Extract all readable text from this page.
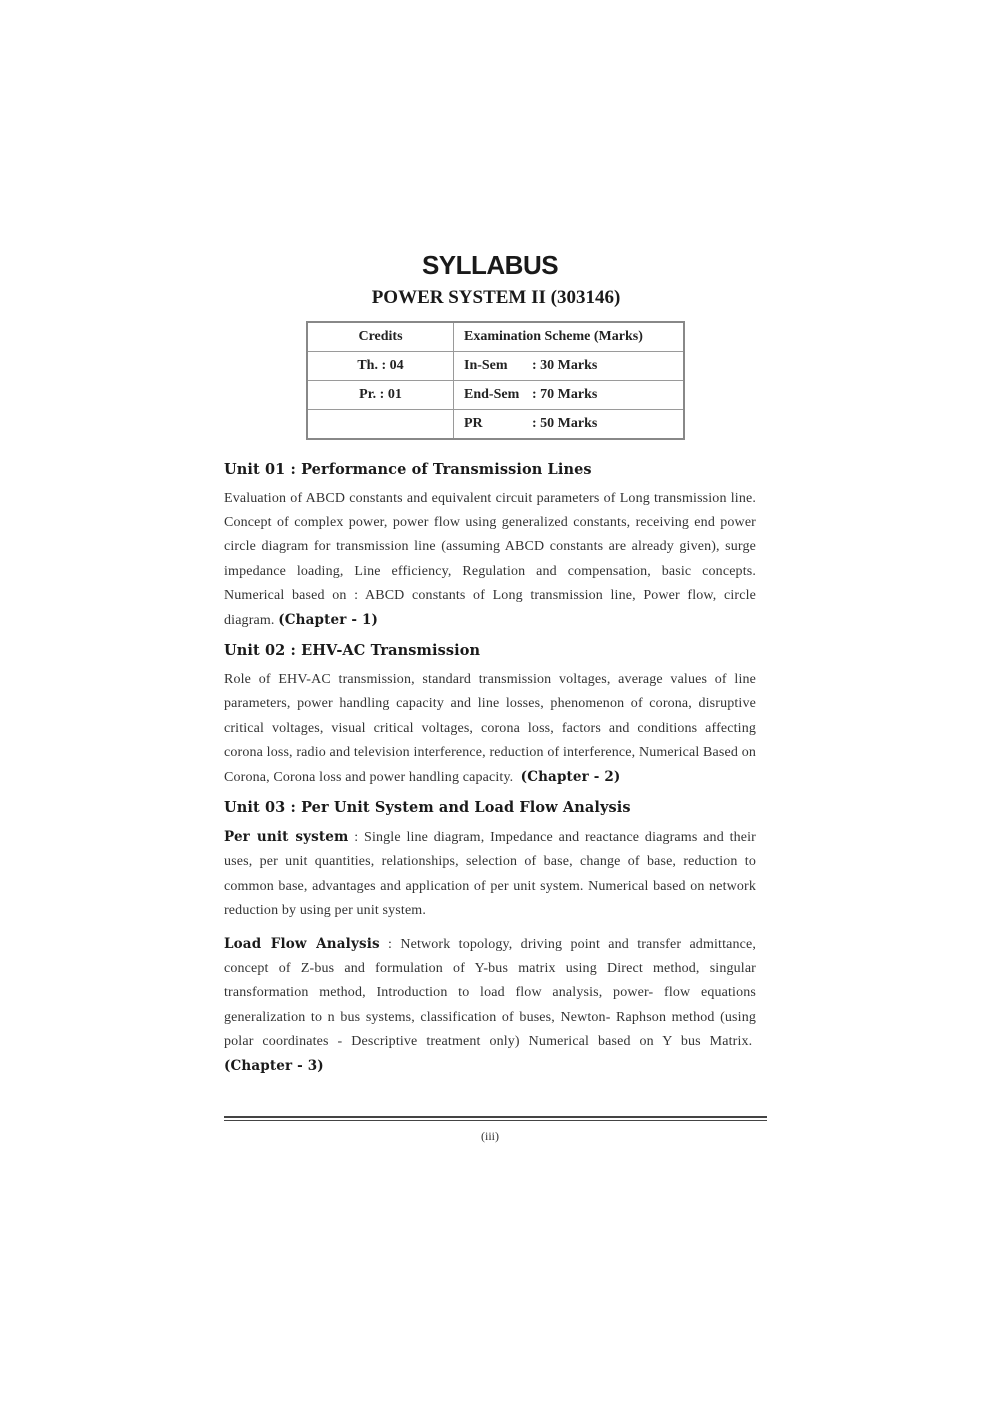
SYLLABUS
POWER SYSTEM II (303146)
Credits	Examination Scheme (Marks)
Th. : 04	In-Sem : 30 Marks
Pr. : 01	End-Sem : 70 Marks
	PR : 50 Marks
Unit 01 : Performance of Transmission Lines

Evaluation of ABCD constants and equivalent circuit parameters of Long transmission line. Concept of complex power, power flow using generalized constants, receiving end power circle diagram for transmission line (assuming ABCD constants are already given), surge impedance loading, Line efficiency, Regulation and compensation, basic concepts. Numerical based on : ABCD constants of Long transmission line, Power flow, circle diagram. (Chapter - 1)

Unit 02 : EHV-AC Transmission

Role of EHV-AC transmission, standard transmission voltages, average values of line parameters, power handling capacity and line losses, phenomenon of corona, disruptive critical voltages, visual critical voltages, corona loss, factors and conditions affecting corona loss, radio and television interference, reduction of interference, Numerical Based on Corona, Corona loss and power handling capacity. (Chapter - 2)

Unit 03 : Per Unit System and Load Flow Analysis

Per unit system : Single line diagram, Impedance and reactance diagrams and their uses, per unit quantities, relationships, selection of base, change of base, reduction to common base, advantages and application of per unit system. Numerical based on network reduction by using per unit system.

Load Flow Analysis : Network topology, driving point and transfer admittance, concept of Z-bus and formulation of Y-bus matrix using Direct method, singular transformation method, Introduction to load flow analysis, power- flow equations generalization to n bus systems, classification of buses, Newton- Raphson method (using polar coordinates - Descriptive treatment only) Numerical based on Y bus Matrix.  (Chapter - 3)

(iii)
